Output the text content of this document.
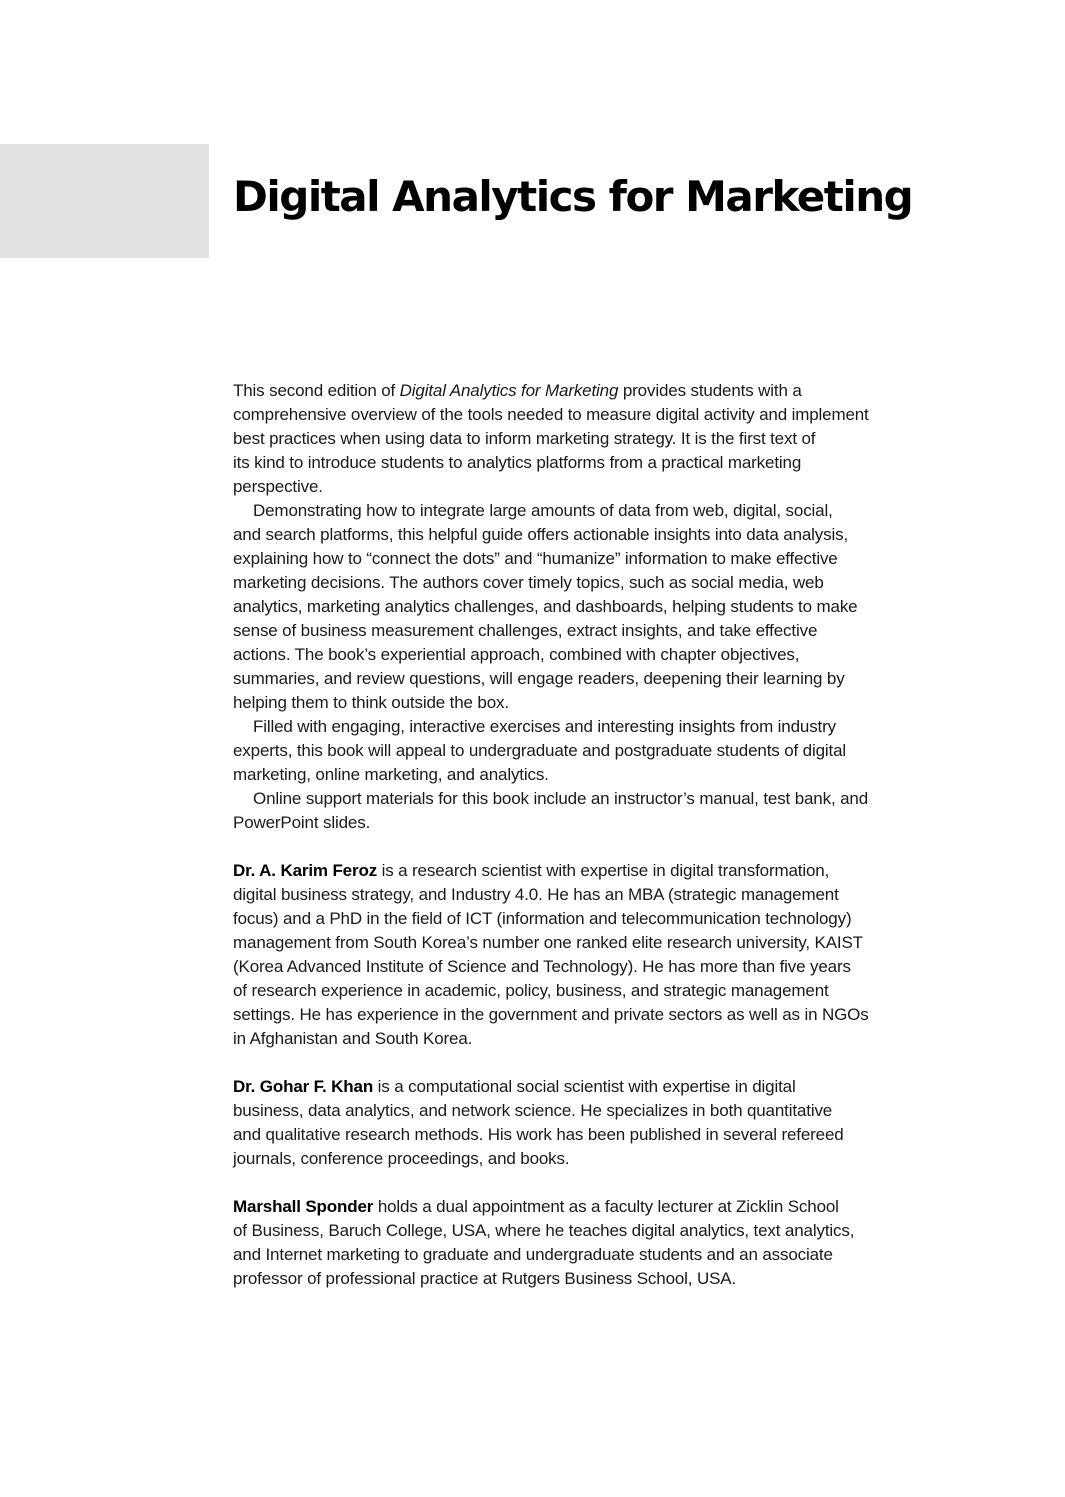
Digital Analytics for Marketing

This second edition of Digital Analytics for Marketing provides students with a
comprehensive overview of the tools needed to measure digital activity and implement
best practices when using data to inform marketing strategy. It is the first text of
its kind to introduce students to analytics platforms from a practical marketing
perspective.

Demonstrating how to integrate large amounts of data from web, digital, social,
and search platforms, this helpful guide offers actionable insights into data analysis,
explaining how to “connect the dots” and “humanize” information to make effective
marketing decisions. The authors cover timely topics, such as social media, web
analytics, marketing analytics challenges, and dashboards, helping students to make
sense of business measurement challenges, extract insights, and take effective
actions. The book’s experiential approach, combined with chapter objectives,
summaries, and review questions, will engage readers, deepening their learning by
helping them to think outside the box.

Filled with engaging, interactive exercises and interesting insights from industry
experts, this book will appeal to undergraduate and postgraduate students of digital
marketing, online marketing, and analytics.

Online support materials for this book include an instructor’s manual, test bank, and
PowerPoint slides.

Dr. A. Karim Feroz is a research scientist with expertise in digital transformation,
digital business strategy, and Industry 4.0. He has an MBA (strategic management
focus) and a PhD in the field of ICT (information and telecommunication technology)
management from South Korea’s number one ranked elite research university, KAIST
(Korea Advanced Institute of Science and Technology). He has more than five years
of research experience in academic, policy, business, and strategic management
settings. He has experience in the government and private sectors as well as in NGOs
in Afghanistan and South Korea.

Dr. Gohar F. Khan is a computational social scientist with expertise in digital
business, data analytics, and network science. He specializes in both quantitative
and qualitative research methods. His work has been published in several refereed
journals, conference proceedings, and books.

Marshall Sponder holds a dual appointment as a faculty lecturer at Zicklin School
of Business, Baruch College, USA, where he teaches digital analytics, text analytics,
and Internet marketing to graduate and undergraduate students and an associate
professor of professional practice at Rutgers Business School, USA.
